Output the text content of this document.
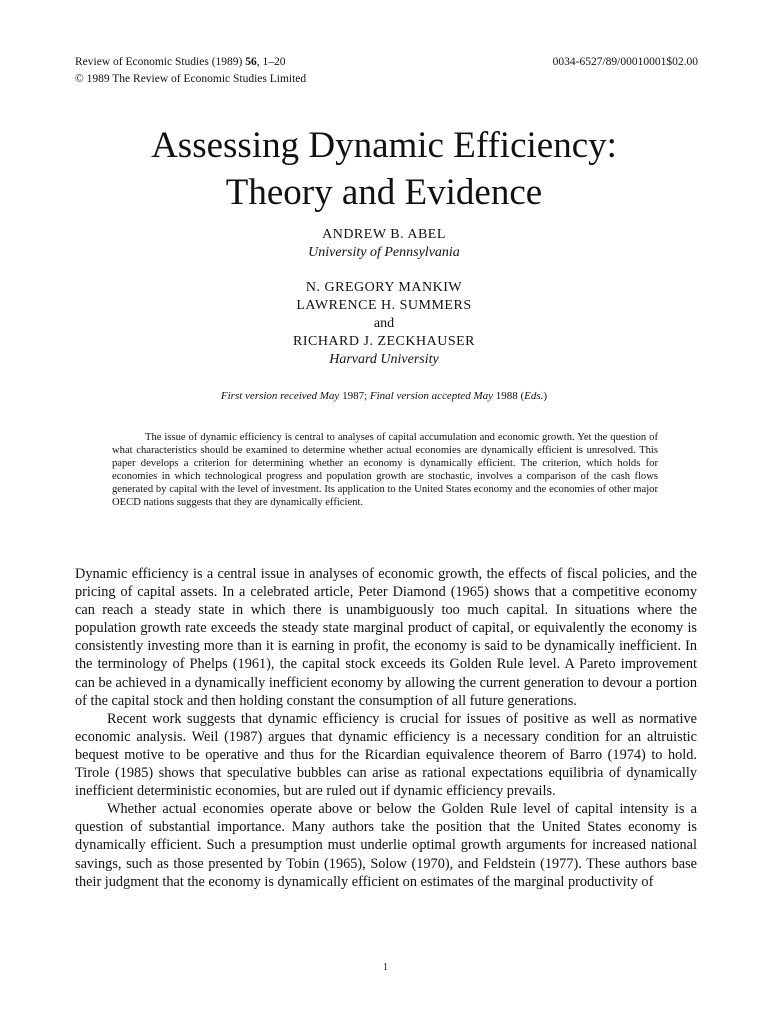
Review of Economic Studies (1989) 56, 1–20
© 1989 The Review of Economic Studies Limited
0034-6527/89/00010001$02.00
Assessing Dynamic Efficiency:
Theory and Evidence
ANDREW B. ABEL
University of Pennsylvania
N. GREGORY MANKIW
LAWRENCE H. SUMMERS
and
RICHARD J. ZECKHAUSER
Harvard University
First version received May 1987; Final version accepted May 1988 (Eds.)

The issue of dynamic efficiency is central to analyses of capital accumulation and economic growth. Yet the question of what characteristics should be examined to determine whether actual economies are dynamically efficient is unresolved. This paper develops a criterion for determining whether an economy is dynamically efficient. The criterion, which holds for economies in which technological progress and population growth are stochastic, involves a comparison of the cash flows generated by capital with the level of investment. Its application to the United States economy and the economies of other major OECD nations suggests that they are dynamically efficient.

Dynamic efficiency is a central issue in analyses of economic growth, the effects of fiscal policies, and the pricing of capital assets. In a celebrated article, Peter Diamond (1965) shows that a competitive economy can reach a steady state in which there is unambiguously too much capital. In situations where the population growth rate exceeds the steady state marginal product of capital, or equivalently the economy is consistently investing more than it is earning in profit, the economy is said to be dynamically inefficient. In the terminology of Phelps (1961), the capital stock exceeds its Golden Rule level. A Pareto improvement can be achieved in a dynamically inefficient economy by allowing the current generation to devour a portion of the capital stock and then holding constant the consumption of all future generations.

Recent work suggests that dynamic efficiency is crucial for issues of positive as well as normative economic analysis. Weil (1987) argues that dynamic efficiency is a necessary condition for an altruistic bequest motive to be operative and thus for the Ricardian equivalence theorem of Barro (1974) to hold. Tirole (1985) shows that speculative bubbles can arise as rational expectations equilibria of dynamically inefficient deterministic economies, but are ruled out if dynamic efficiency prevails.

Whether actual economies operate above or below the Golden Rule level of capital intensity is a question of substantial importance. Many authors take the position that the United States economy is dynamically efficient. Such a presumption must underlie optimal growth arguments for increased national savings, such as those presented by Tobin (1965), Solow (1970), and Feldstein (1977). These authors base their judgment that the economy is dynamically efficient on estimates of the marginal productivity of

1
